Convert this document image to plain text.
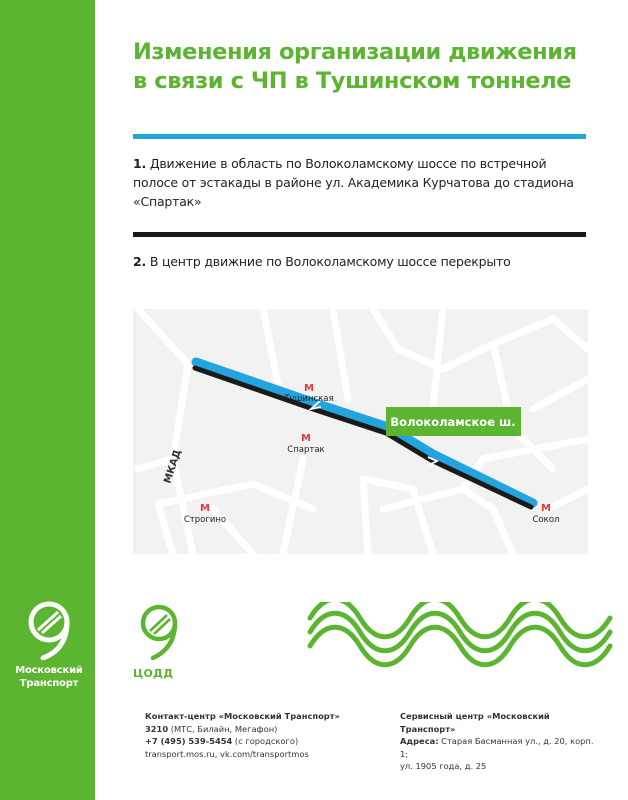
Московский
Транспорт
Изменения организации движения
в связи с ЧП в Тушинском тоннеле
1. Движение в область по Волоколамскому шоссе по встречной полосе от эстакады в районе ул. Академика Курчатова до стадиона «Спартак»
2. В центр движние по Волоколамскому шоссе перекрыто
Волоколамское ш.
МКАД
М
Тушинская
М
Спартак
М
Строгино
М
Сокол
ЦОДД
Контакт-центр «Московский Транспорт»
3210 (МТС, Билайн, Мегафон)
+7 (495) 539-5454 (с городского)
transport.mos.ru, vk.com/transportmos
Сервисный центр «Московский Транспорт»
Адреса: Старая Басманная ул., д. 20, корп. 1;
ул. 1905 года, д. 25
